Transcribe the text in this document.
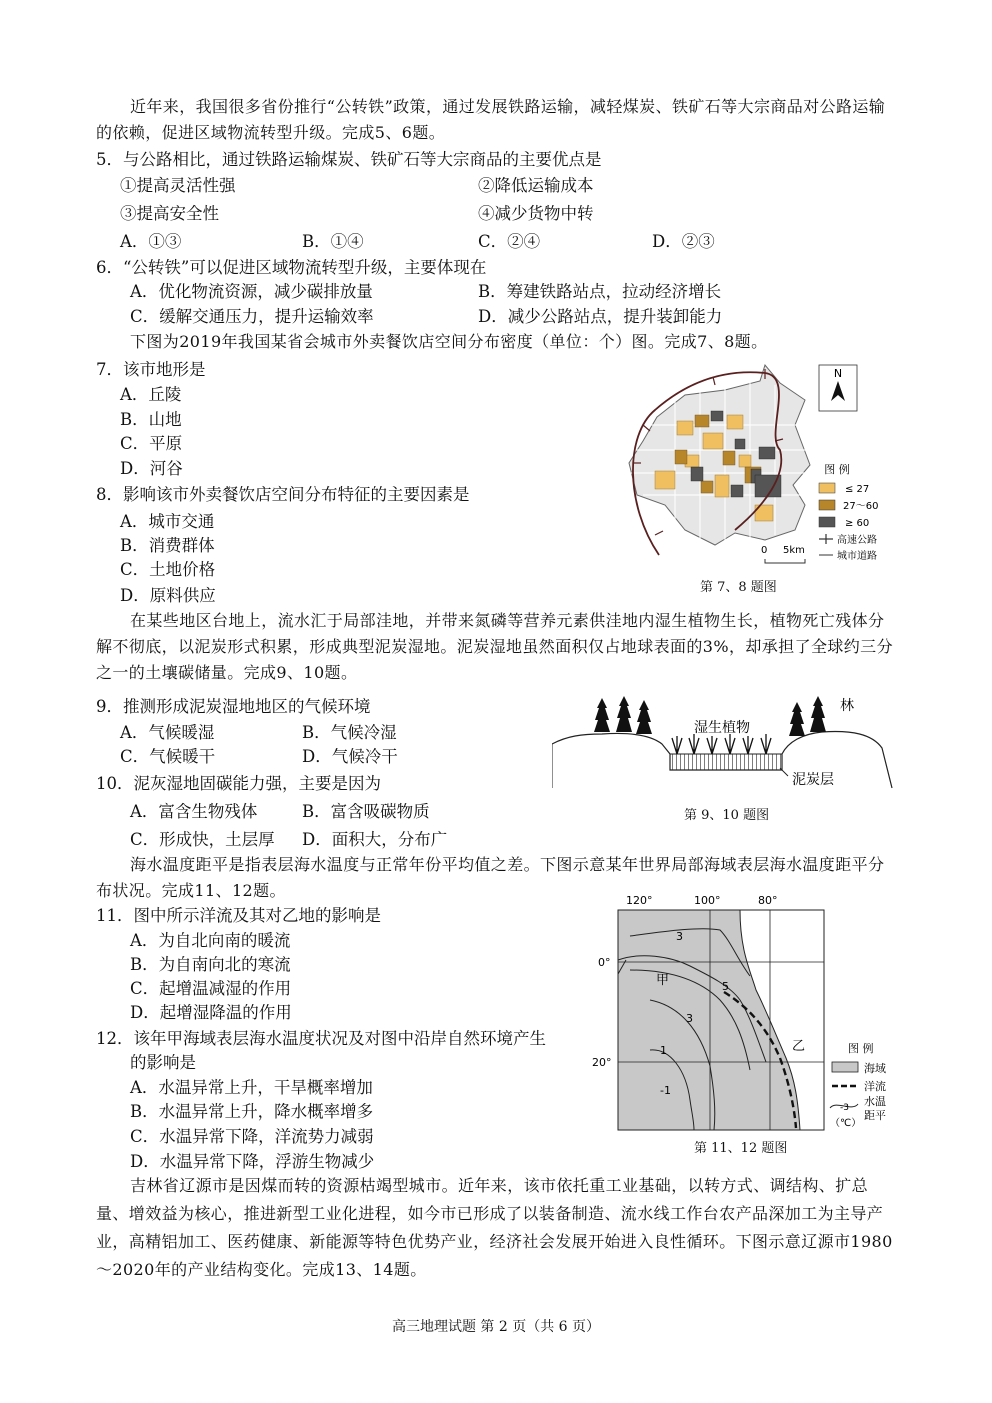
近年来，我国很多省份推行“公转铁”政策，通过发展铁路运输，减轻煤炭、铁矿石等大宗商品对公路运输的依赖，促进区域物流转型升级。完成5、6题。
5．与公路相比，通过铁路运输煤炭、铁矿石等大宗商品的主要优点是
①提高灵活性强	②降低运输成本
③提高安全性	④减少货物中转
A．①③	B．①④	C．②④	D．②③
6．“公转铁”可以促进区域物流转型升级，主要体现在
A．优化物流资源，减少碳排放量	B．筹建铁路站点，拉动经济增长
C．缓解交通压力，提升运输效率	D．减少公路站点，提升装卸能力
下图为2019年我国某省会城市外卖餐饮店空间分布密度（单位：个）图。完成7、8题。
7．该市地形是
A．丘陵
B．山地
C．平原
D．河谷
8．影响该市外卖餐饮店空间分布特征的主要因素是
A．城市交通
B．消费群体
C．土地价格
D．原料供应
N
图 例
≤ 27
27～60
≥ 60
高速公路
城市道路
0 5km
第 7、8 题图
在某些地区台地上，流水汇于局部洼地，并带来氮磷等营养元素供洼地内湿生植物生长，植物死亡残体分解不彻底，以泥炭形式积累，形成典型泥炭湿地。泥炭湿地虽然面积仅占地球表面的3%，却承担了全球约三分之一的土壤碳储量。完成9、10题。
9．推测形成泥炭湿地地区的气候环境
A．气候暖湿	B．气候冷湿
C．气候暖干	D．气候冷干
10．泥灰湿地固碳能力强，主要是因为
A．富含生物残体	B．富含吸碳物质
C．形成快，土层厚 D．面积大，分布广
林
湿生植物
泥炭层
第 9、10 题图
海水温度距平是指表层海水温度与正常年份平均值之差。下图示意某年世界局部海域表层海水温度距平分布状况。完成11、12题。
11．图中所示洋流及其对乙地的影响是
A．为自北向南的暖流
B．为自南向北的寒流
C．起增温减湿的作用
D．起增湿降温的作用
12．该年甲海域表层海水温度状况及对图中沿岸自然环境产生
的影响是
A．水温异常上升，干旱概率增加
B．水温异常上升，降水概率增多
C．水温异常下降，洋流势力减弱
D．水温异常下降，浮游生物减少
120°	100°	80°
0°
20°
3
5
3
1
-1
甲
乙	图 例
海域
洋流
水温
-3
距平
（℃）
第 11、12 题图
吉林省辽源市是因煤而转的资源枯竭型城市。近年来，该市依托重工业基础，以转方式、调结构、扩总量、增效益为核心，推进新型工业化进程，如今市已形成了以装备制造、流水线工作台农产品深加工为主导产业，高精铝加工、医药健康、新能源等特色优势产业，经济社会发展开始进入良性循环。下图示意辽源市1980～2020年的产业结构变化。完成13、14题。
高三地理试题 第 2 页（共 6 页）
